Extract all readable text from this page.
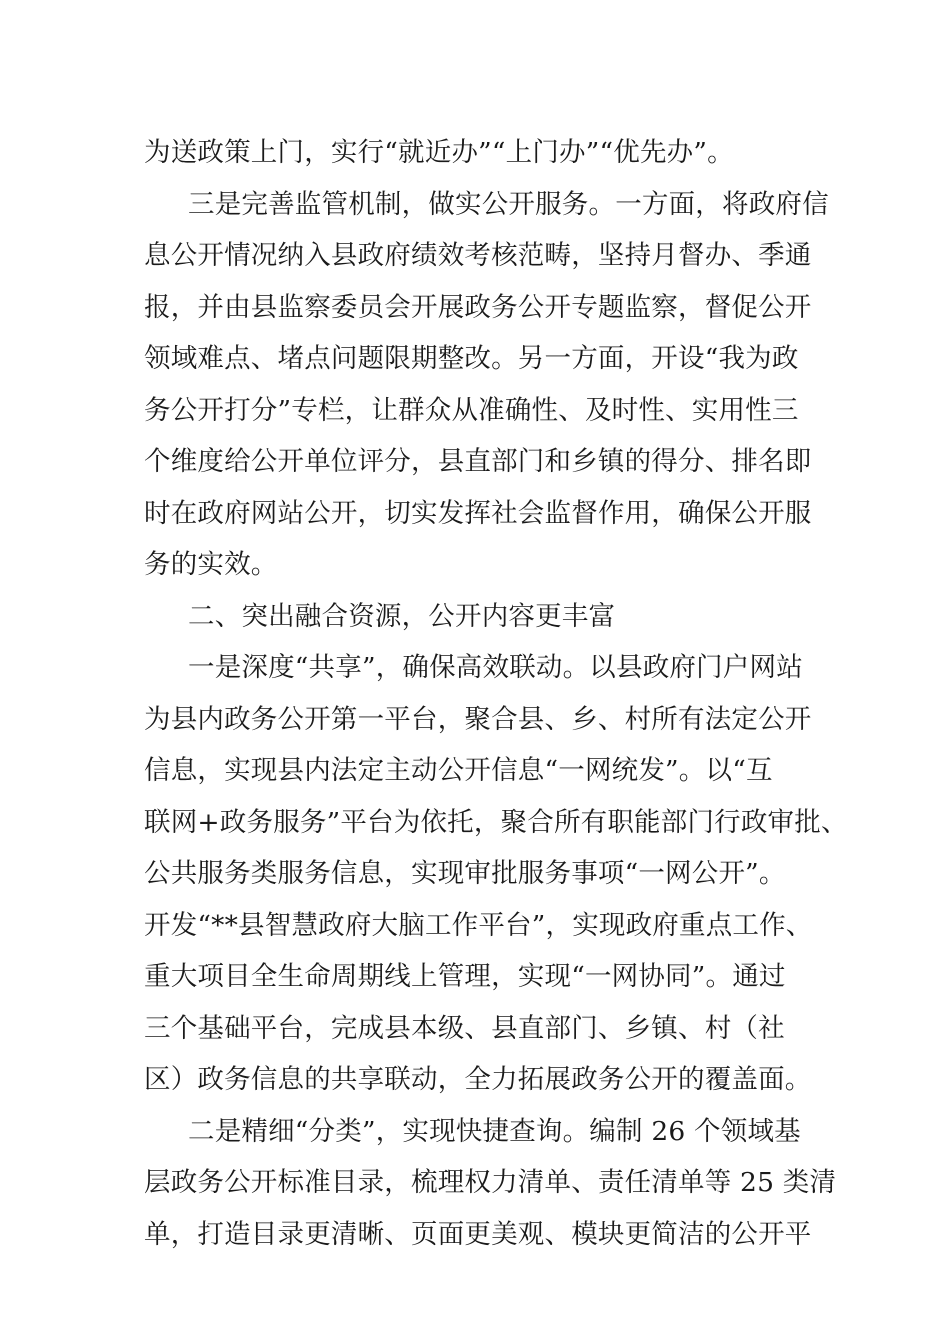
为送政策上门，实行“就近办”“上门办”“优先办”。
三是完善监管机制，做实公开服务。一方面，将政府信
息公开情况纳入县政府绩效考核范畴，坚持月督办、季通
报，并由县监察委员会开展政务公开专题监察，督促公开
领域难点、堵点问题限期整改。另一方面，开设“我为政
务公开打分”专栏，让群众从准确性、及时性、实用性三
个维度给公开单位评分，县直部门和乡镇的得分、排名即
时在政府网站公开，切实发挥社会监督作用，确保公开服
务的实效。
二、突出融合资源，公开内容更丰富
一是深度“共享”，确保高效联动。以县政府门户网站
为县内政务公开第一平台，聚合县、乡、村所有法定公开
信息，实现县内法定主动公开信息“一网统发”。以“互
联网+政务服务”平台为依托，聚合所有职能部门行政审批、
公共服务类服务信息，实现审批服务事项“一网公开”。
开发“**县智慧政府大脑工作平台”，实现政府重点工作、
重大项目全生命周期线上管理，实现“一网协同”。通过
三个基础平台，完成县本级、县直部门、乡镇、村（社
区）政务信息的共享联动，全力拓展政务公开的覆盖面。
二是精细“分类”，实现快捷查询。编制 26 个领域基
层政务公开标准目录，梳理权力清单、责任清单等 25 类清
单，打造目录更清晰、页面更美观、模块更简洁的公开平
